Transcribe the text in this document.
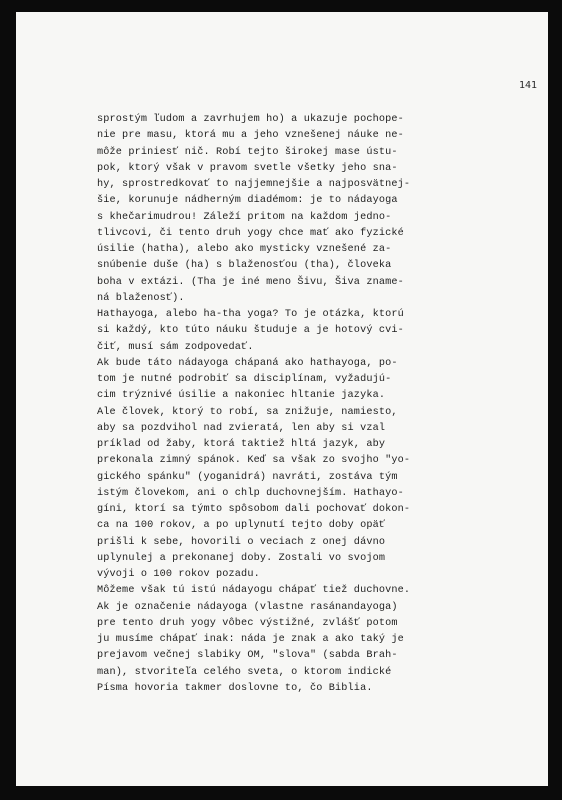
141
sprostým ľudom a zavrhujem ho) a ukazuje pochope-
nie pre masu, ktorá mu a jeho vznešenej náuke ne-
môže priniesť nič. Robí tejto širokej mase ústu-
pok, ktorý však v pravom svetle všetky jeho sna-
hy, sprostredkovať to najjemnejšie a najposvätnej-
šie, korunuje nádherným diadémom: je to nádayoga
s khečarimudrou! Záleží pritom na každom jedno-
tlivcovi, či tento druh yogy chce mať ako fyzické
úsilie (hatha), alebo ako mysticky vznešené za-
snúbenie duše (ha) s blaženosťou (tha), človeka
boha v extázi. (Tha je iné meno Šivu, Šiva zname-
ná blaženosť).
Hathayoga, alebo ha-tha yoga? To je otázka, ktorú
si každý, kto túto náuku študuje a je hotový cvi-
čiť, musí sám zodpovedať.
Ak bude táto nádayoga chápaná ako hathayoga, po-
tom je nutné podrobiť sa disciplínam, vyžadujú-
cim trýznivé úsilie a nakoniec hltanie jazyka.
Ale človek, ktorý to robí, sa znižuje, namiesto,
aby sa pozdvihol nad zvieratá, len aby si vzal
príklad od žaby, ktorá taktiež hltá jazyk, aby
prekonala zimný spánok. Keď sa však zo svojho "yo-
gického spánku" (yoganidrá) navráti, zostáva tým
istým človekom, ani o chlp duchovnejším. Hathayo-
gíni, ktorí sa týmto spôsobom dali pochovať dokon-
ca na 100 rokov, a po uplynutí tejto doby opäť
prišli k sebe, hovorili o veciach z onej dávno
uplynulej a prekonanej doby. Zostali vo svojom
vývoji o 100 rokov pozadu.
Môžeme však tú istú nádayogu chápať tiež duchovne.
Ak je označenie nádayoga (vlastne rasánandayoga)
pre tento druh yogy vôbec výstižné, zvlášť potom
ju musíme chápať inak: náda je znak a ako taký je
prejavom večnej slabiky OM, "slova" (sabda Brah-
man), stvoriteľa celého sveta, o ktorom indické
Písma hovoria takmer doslovne to, čo Biblia.
